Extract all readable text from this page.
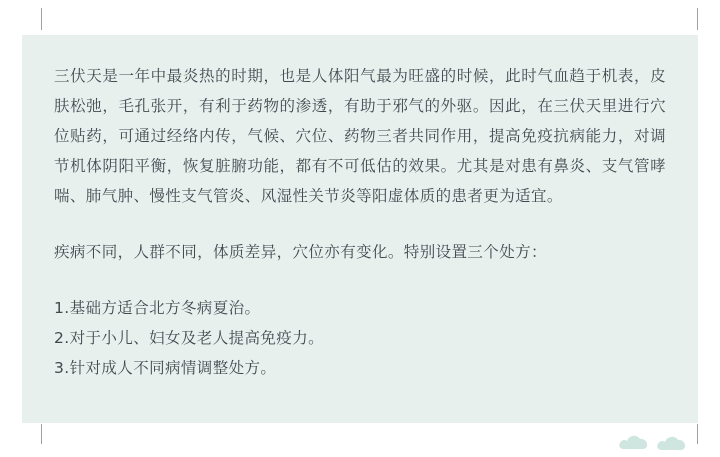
三伏天是一年中最炎热的时期，也是人体阳气最为旺盛的时候，此时气血趋于机表，皮肤松弛，毛孔张开，有利于药物的渗透，有助于邪气的外驱。因此，在三伏天里进行穴位贴药，可通过经络内传，气候、穴位、药物三者共同作用，提高免疫抗病能力，对调节机体阴阳平衡，恢复脏腑功能，都有不可低估的效果。尤其是对患有鼻炎、支气管哮喘、肺气肿、慢性支气管炎、风湿性关节炎等阳虚体质的患者更为适宜。

疾病不同，人群不同，体质差异，穴位亦有变化。特别设置三个处方：

1.基础方适合北方冬病夏治。
2.对于小儿、妇女及老人提高免疫力。
3.针对成人不同病情调整处方。
